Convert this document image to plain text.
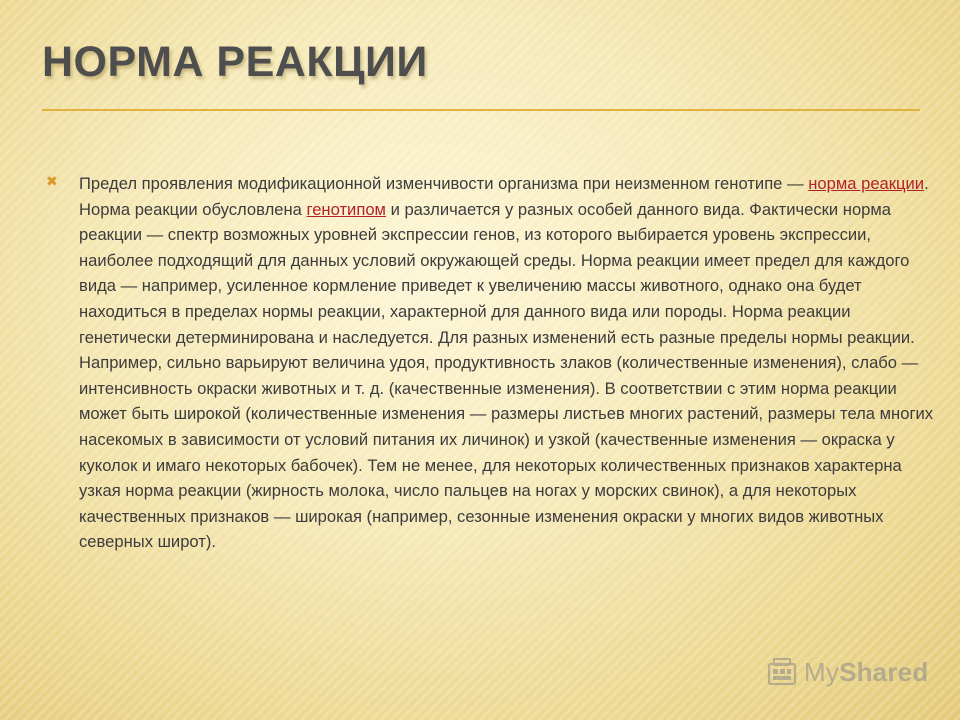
НОРМА РЕАКЦИИ
✖ Предел проявления модификационной изменчивости организма при неизменном генотипе — норма реакции. Норма реакции обусловлена генотипом и различается у разных особей данного вида. Фактически норма реакции — спектр возможных уровней экспрессии генов, из которого выбирается уровень экспрессии, наиболее подходящий для данных условий окружающей среды. Норма реакции имеет предел для каждого вида — например, усиленное кормление приведет к увеличению массы животного, однако она будет находиться в пределах нормы реакции, характерной для данного вида или породы. Норма реакции генетически детерминирована и наследуется. Для разных изменений есть разные пределы нормы реакции. Например, сильно варьируют величина удоя, продуктивность злаков (количественные изменения), слабо — интенсивность окраски животных и т. д. (качественные изменения). В соответствии с этим норма реакции может быть широкой (количественные изменения — размеры листьев многих растений, размеры тела многих насекомых в зависимости от условий питания их личинок) и узкой (качественные изменения — окраска у куколок и имаго некоторых бабочек). Тем не менее, для некоторых количественных признаков характерна узкая норма реакции (жирность молока, число пальцев на ногах у морских свинок), а для некоторых качественных признаков — широкая (например, сезонные изменения окраски у многих видов животных северных широт).

MyShared
